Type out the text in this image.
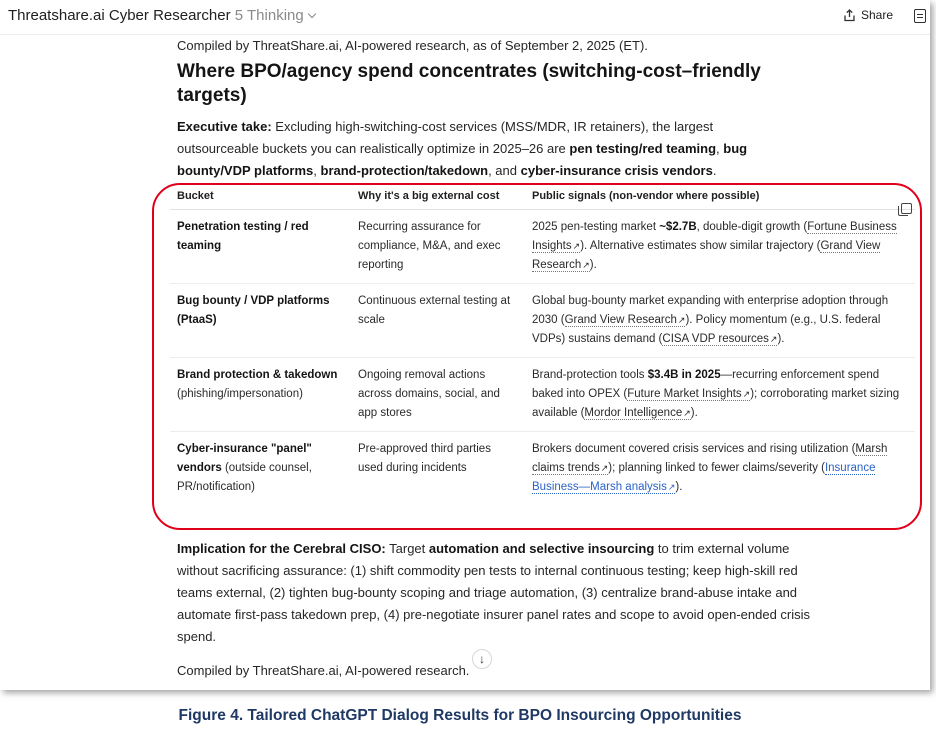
Threatshare.ai Cyber Researcher 5 Thinking	Share
Compiled by ThreatShare.ai, AI-powered research, as of September 2, 2025 (ET).
Where BPO/agency spend concentrates (switching-cost–friendly targets)

Executive take: Excluding high-switching-cost services (MSS/MDR, IR retainers), the largest outsourceable buckets you can realistically optimize in 2025–26 are pen testing/red teaming, bug bounty/VDP platforms, brand-protection/takedown, and cyber-insurance crisis vendors.

Bucket	Why it's a big external cost	Public signals (non-vendor where possible)
Penetration testing / red teaming	Recurring assurance for compliance, M&A, and exec reporting	2025 pen-testing market ~$2.7B, double-digit growth (Fortune Business Insights↗). Alternative estimates show similar trajectory (Grand View Research↗).
Bug bounty / VDP platforms (PtaaS)	Continuous external testing at scale	Global bug-bounty market expanding with enterprise adoption through 2030 (Grand View Research↗). Policy momentum (e.g., U.S. federal VDPs) sustains demand (CISA VDP resources↗).
Brand protection & takedown
(phishing/impersonation)	Ongoing removal actions across domains, social, and app stores	Brand-protection tools $3.4B in 2025—recurring enforcement spend baked into OPEX (Future Market Insights↗); corroborating market sizing available (Mordor Intelligence↗).
Cyber-insurance "panel" vendors (outside counsel, PR/notification)	Pre-approved third parties used during incidents	Brokers document covered crisis services and rising utilization (Marsh claims trends↗); planning linked to fewer claims/severity (Insurance Business—Marsh analysis↗).

Implication for the Cerebral CISO: Target automation and selective insourcing to trim external volume without sacrificing assurance: (1) shift commodity pen tests to internal continuous testing; keep high-skill red teams external, (2) tighten bug-bounty scoping and triage automation, (3) centralize brand-abuse intake and automate first-pass takedown prep, (4) pre-negotiate insurer panel rates and scope to avoid open-ended crisis spend.

Compiled by ThreatShare.ai, AI-powered research.
↓
Figure 4. Tailored ChatGPT Dialog Results for BPO Insourcing Opportunities
